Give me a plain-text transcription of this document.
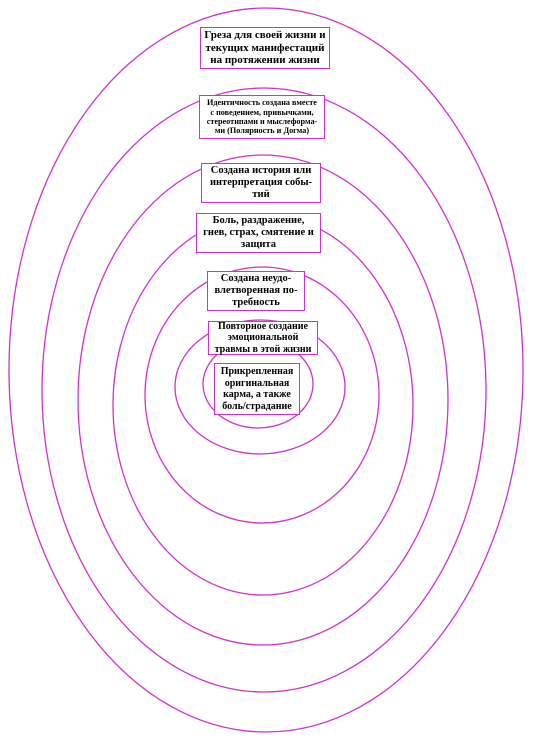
Греза для своей жизни и
текущих манифестаций
на протяжении жизни
Идентичность создана вместе
с поведением, привычками,
стереотипами и мыслеформа-
ми (Полярность и Догма)
Создана история или
интерпретация собы-
тий
Боль, раздражение,
гнев, страх, смятение и
защита
Создана неудо-
влетворенная по-
требность
Повторное создание
эмоциональной
травмы в этой жизни
Прикрепленная
оригинальная
карма, а также
боль/страдание
